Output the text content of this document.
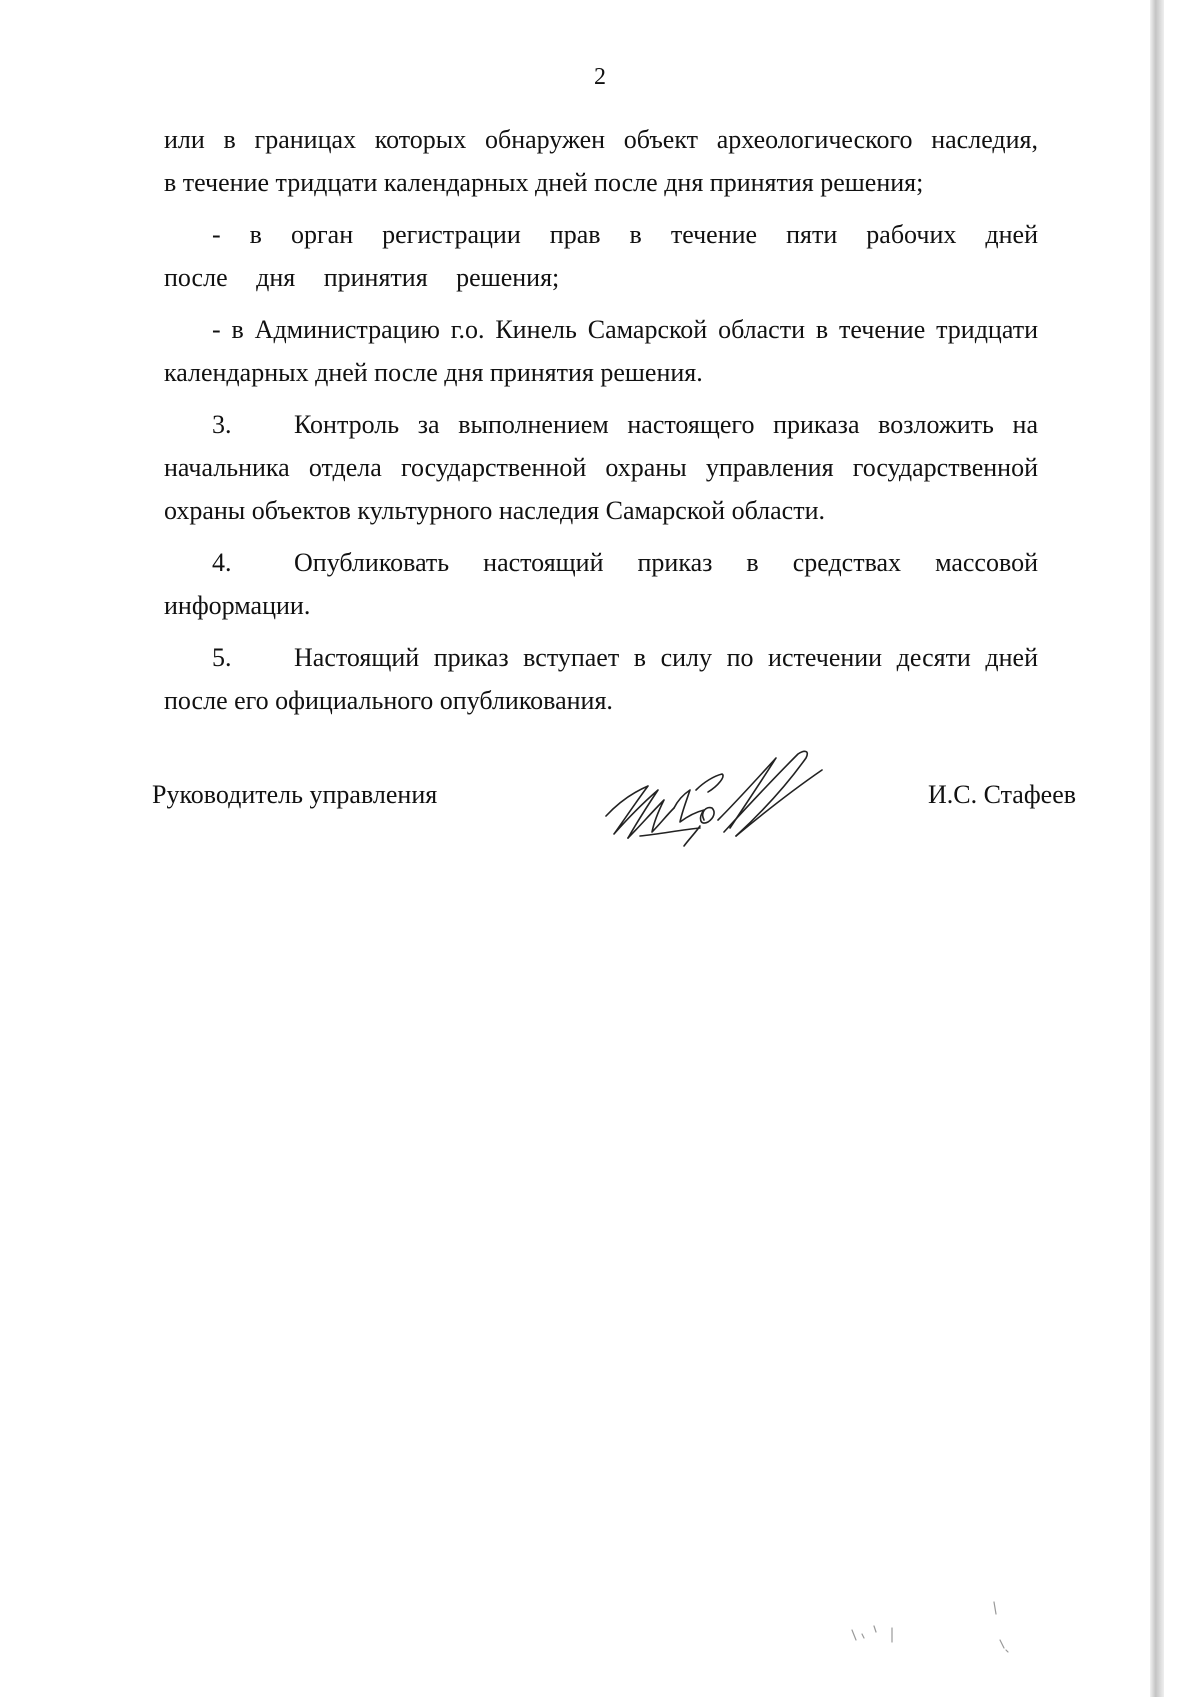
2

или в границах которых обнаружен объект археологического наследия,
в течение тридцати календарных дней после дня принятия решения;

- в орган регистрации прав в течение пяти рабочих дней после дня принятия решения;

- в Администрацию г.о. Кинель Самарской области в течение тридцати календарных дней после дня принятия решения.

3. Контроль за выполнением настоящего приказа возложить на начальника отдела государственной охраны управления государственной охраны объектов культурного наследия Самарской области.

4. Опубликовать настоящий приказ в средствах массовой информации.

5. Настоящий приказ вступает в силу по истечении десяти дней после его официального опубликования.

Руководитель управления	И.С. Стафеев
